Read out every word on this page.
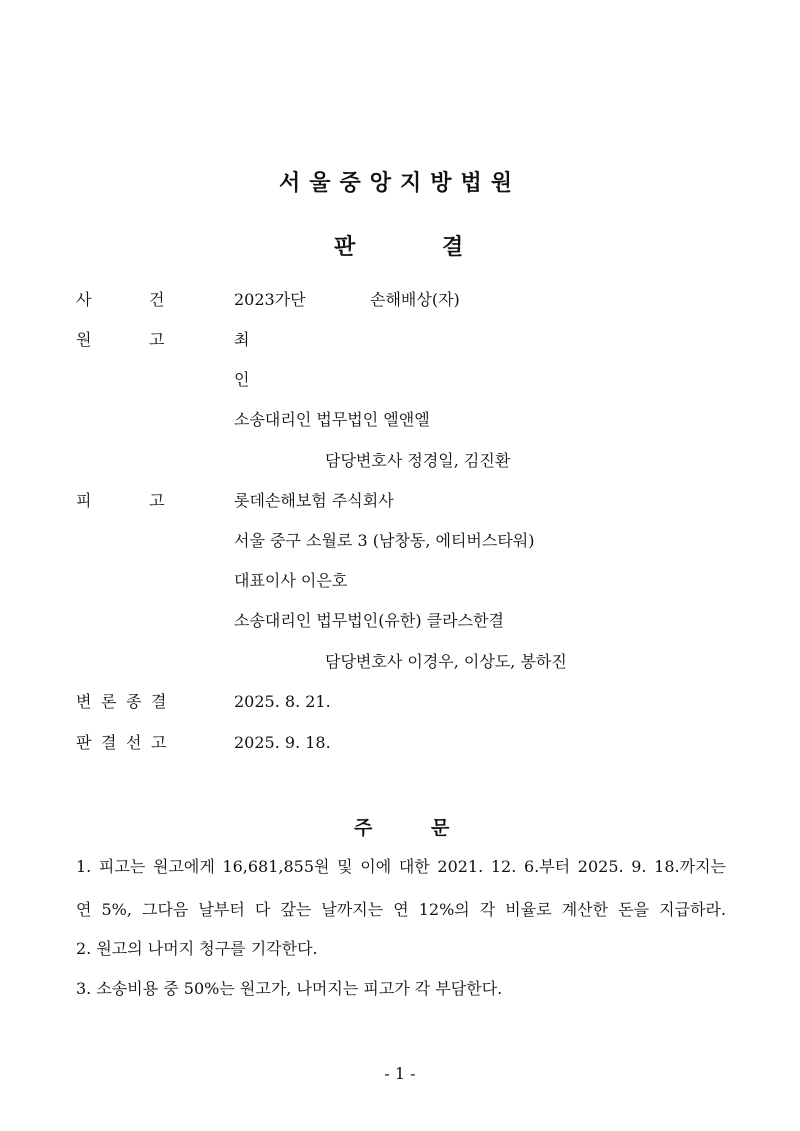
서울중앙지방법원
판	결
사	건	2023가단	손해배상(자)
원	고	최
인
소송대리인 법무법인 엘앤엘
담당변호사 정경일, 김진환
피	고	롯데손해보험 주식회사
서울 중구 소월로 3 (남창동, 에티버스타워)
대표이사 이은호
소송대리인 법무법인(유한) 클라스한결
담당변호사 이경우, 이상도, 봉하진
변 론 종 결	2025. 8. 21.
판 결 선 고	2025. 9. 18.
주	문
1. 피고는 원고에게 16,681,855원 및 이에 대한 2021. 12. 6.부터 2025. 9. 18.까지는
연 5%, 그다음 날부터 다 갚는 날까지는 연 12%의 각 비율로 계산한 돈을 지급하라.
2. 원고의 나머지 청구를 기각한다.
3. 소송비용 중 50%는 원고가, 나머지는 피고가 각 부담한다.
- 1 -
